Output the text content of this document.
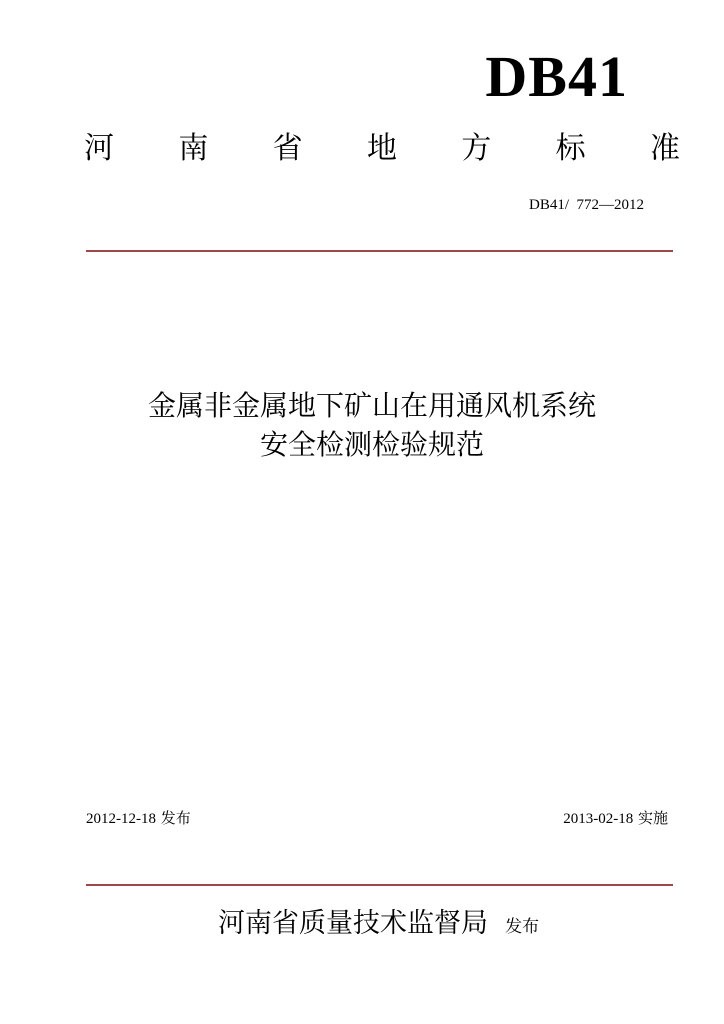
DB41
河 南 省 地 方 标 准
DB41/  772—2012
金属非金属地下矿山在用通风机系统
安全检测检验规范
2012-12-18 发布	2013-02-18 实施
河南省质量技术监督局 发布
